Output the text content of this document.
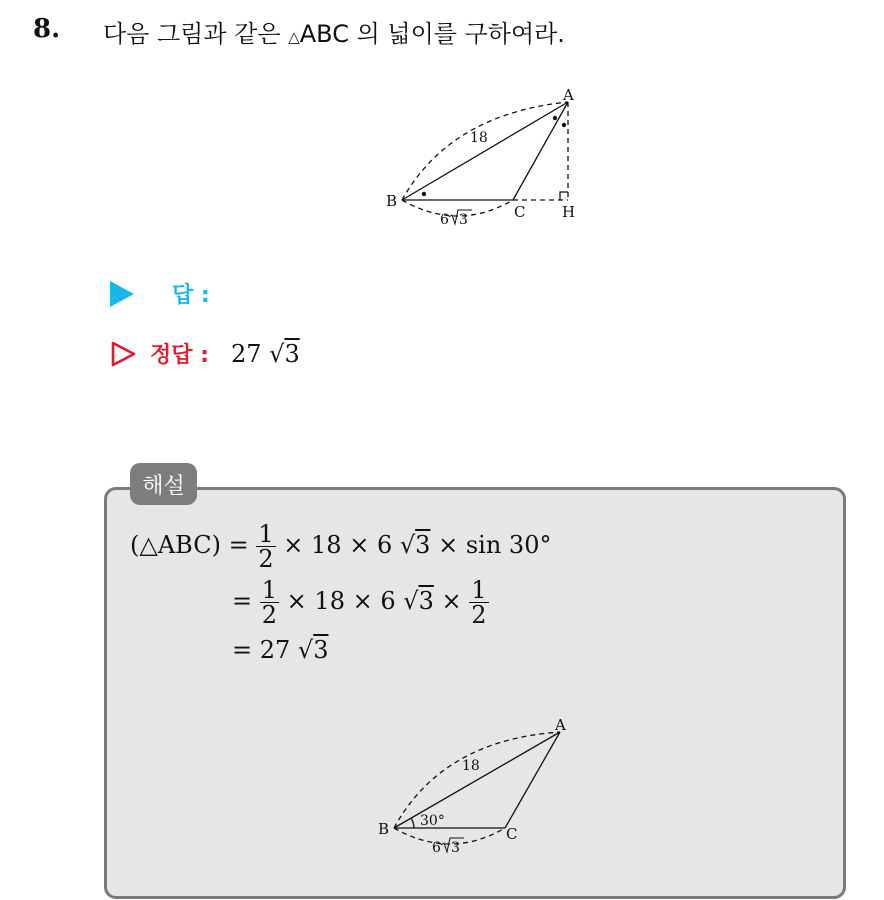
8. 다음 그림과 같은 △ABC 의 넓이를 구하여라.
A
B
C H
18
6 3
답 :
정답 : 27 √3
해설
(△ABC) = $\frac{1}{2} \times 18 \times 6$ √3 × sin 30°
= $\frac{1}{2} \times 18 \times 6$ $√3 \times \frac{1}{2}$
= 27 √3
A
B	C
18
30°
6 3
